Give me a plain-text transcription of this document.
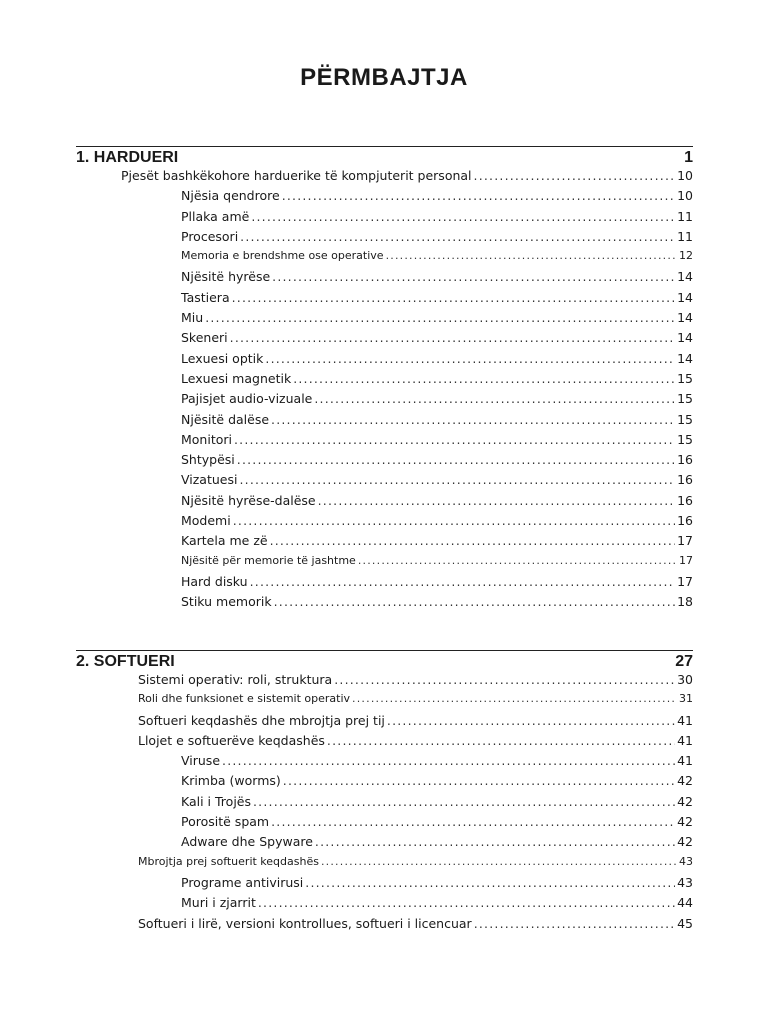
PËRMBAJTJA
1. HARDUERI	1
Pjesët bashkëkohore harduerike të kompjuterit personal .....	10
Njësia qendrore .....	10
Pllaka amë .....	11
Procesori .....	11
Memoria e brendshme ose operative .....	12
Njësitë hyrëse .....	14
Tastiera .....	14
Miu .....	14
Skeneri .....	14
Lexuesi optik .....	14
Lexuesi magnetik .....	15
Pajisjet audio-vizuale .....	15
Njësitë dalëse .....	15
Monitori .....	15
Shtypësi .....	16
Vizatuesi .....	16
Njësitë hyrëse-dalëse .....	16
Modemi .....	16
Kartela me zë .....	17
Njësitë për memorie të jashtme .....	17
Hard disku .....	17
Stiku memorik .....	18
2. SOFTUERI	27
Sistemi operativ: roli, struktura .....	30
Roli dhe funksionet e sistemit operativ .....	31
Softueri keqdashës dhe mbrojtja prej tij .....	41
Llojet e softuerëve keqdashës .....	41
Viruse .....	41
Krimba (worms) .....	42
Kali i Trojës .....	42
Porositë spam .....	42
Adware dhe Spyware .....	42
Mbrojtja prej softuerit keqdashës .....	43
Programe antivirusi .....	43
Muri i zjarrit .....	44
Softueri i lirë, versioni kontrollues, softueri i licencuar .....	45
